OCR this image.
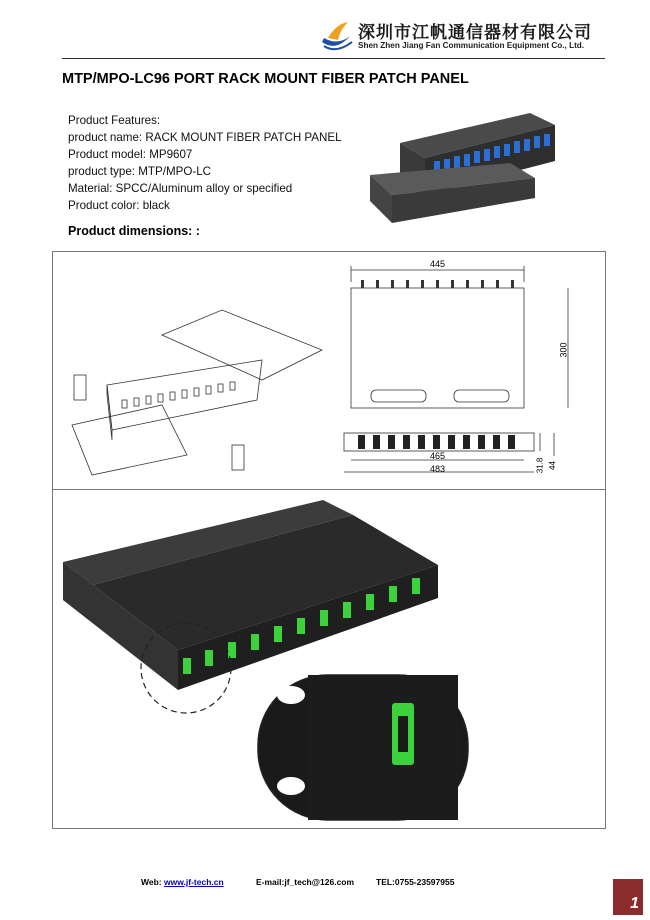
深圳市江帆通信器材有限公司
Shen Zhen Jiang Fan Communication Equipment Co., Ltd.
MTP/MPO-LC96 PORT RACK MOUNT FIBER PATCH PANEL
Product Features:
product name: RACK MOUNT FIBER PATCH PANEL
Product model: MP9607
product type: MTP/MPO-LC
Material: SPCC/Aluminum alloy or specified
Product color: black
Product dimensions: :
445
300
465
483	31.8 44
Web: www.jf-tech.cn	E-mail:jf_tech@126.com	TEL:0755-23597955
1
